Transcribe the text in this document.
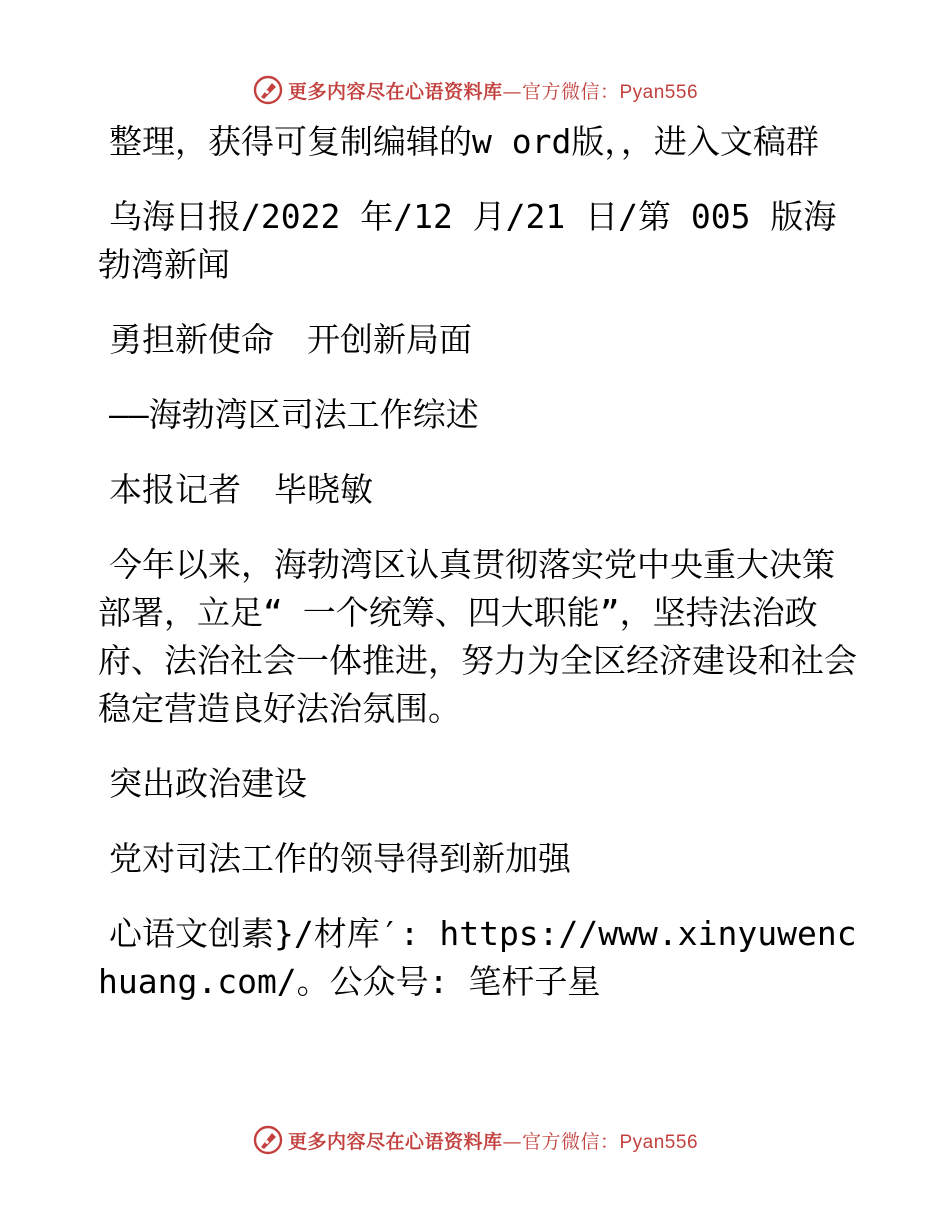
更多内容尽在心语资料库—官方微信：Pyan556

整理，获得可复制编辑的w ord版，，进入文稿群

乌海日报/2022 年/12 月/21 日/第 005 版海勃湾新闻

勇担新使命　开创新局面

——海勃湾区司法工作综述

本报记者　毕晓敏

今年以来，海勃湾区认真贯彻落实党中央重大决策部署，立足“ 一个统筹、四大职能”，坚持法治政府、法治社会一体推进，努力为全区经济建设和社会稳定营造良好法治氛围。

突出政治建设

党对司法工作的领导得到新加强

心语文创素}/材库′: https://www.xinyuwenchuang.com/。公众号: 笔杆子星

更多内容尽在心语资料库—官方微信：Pyan556
